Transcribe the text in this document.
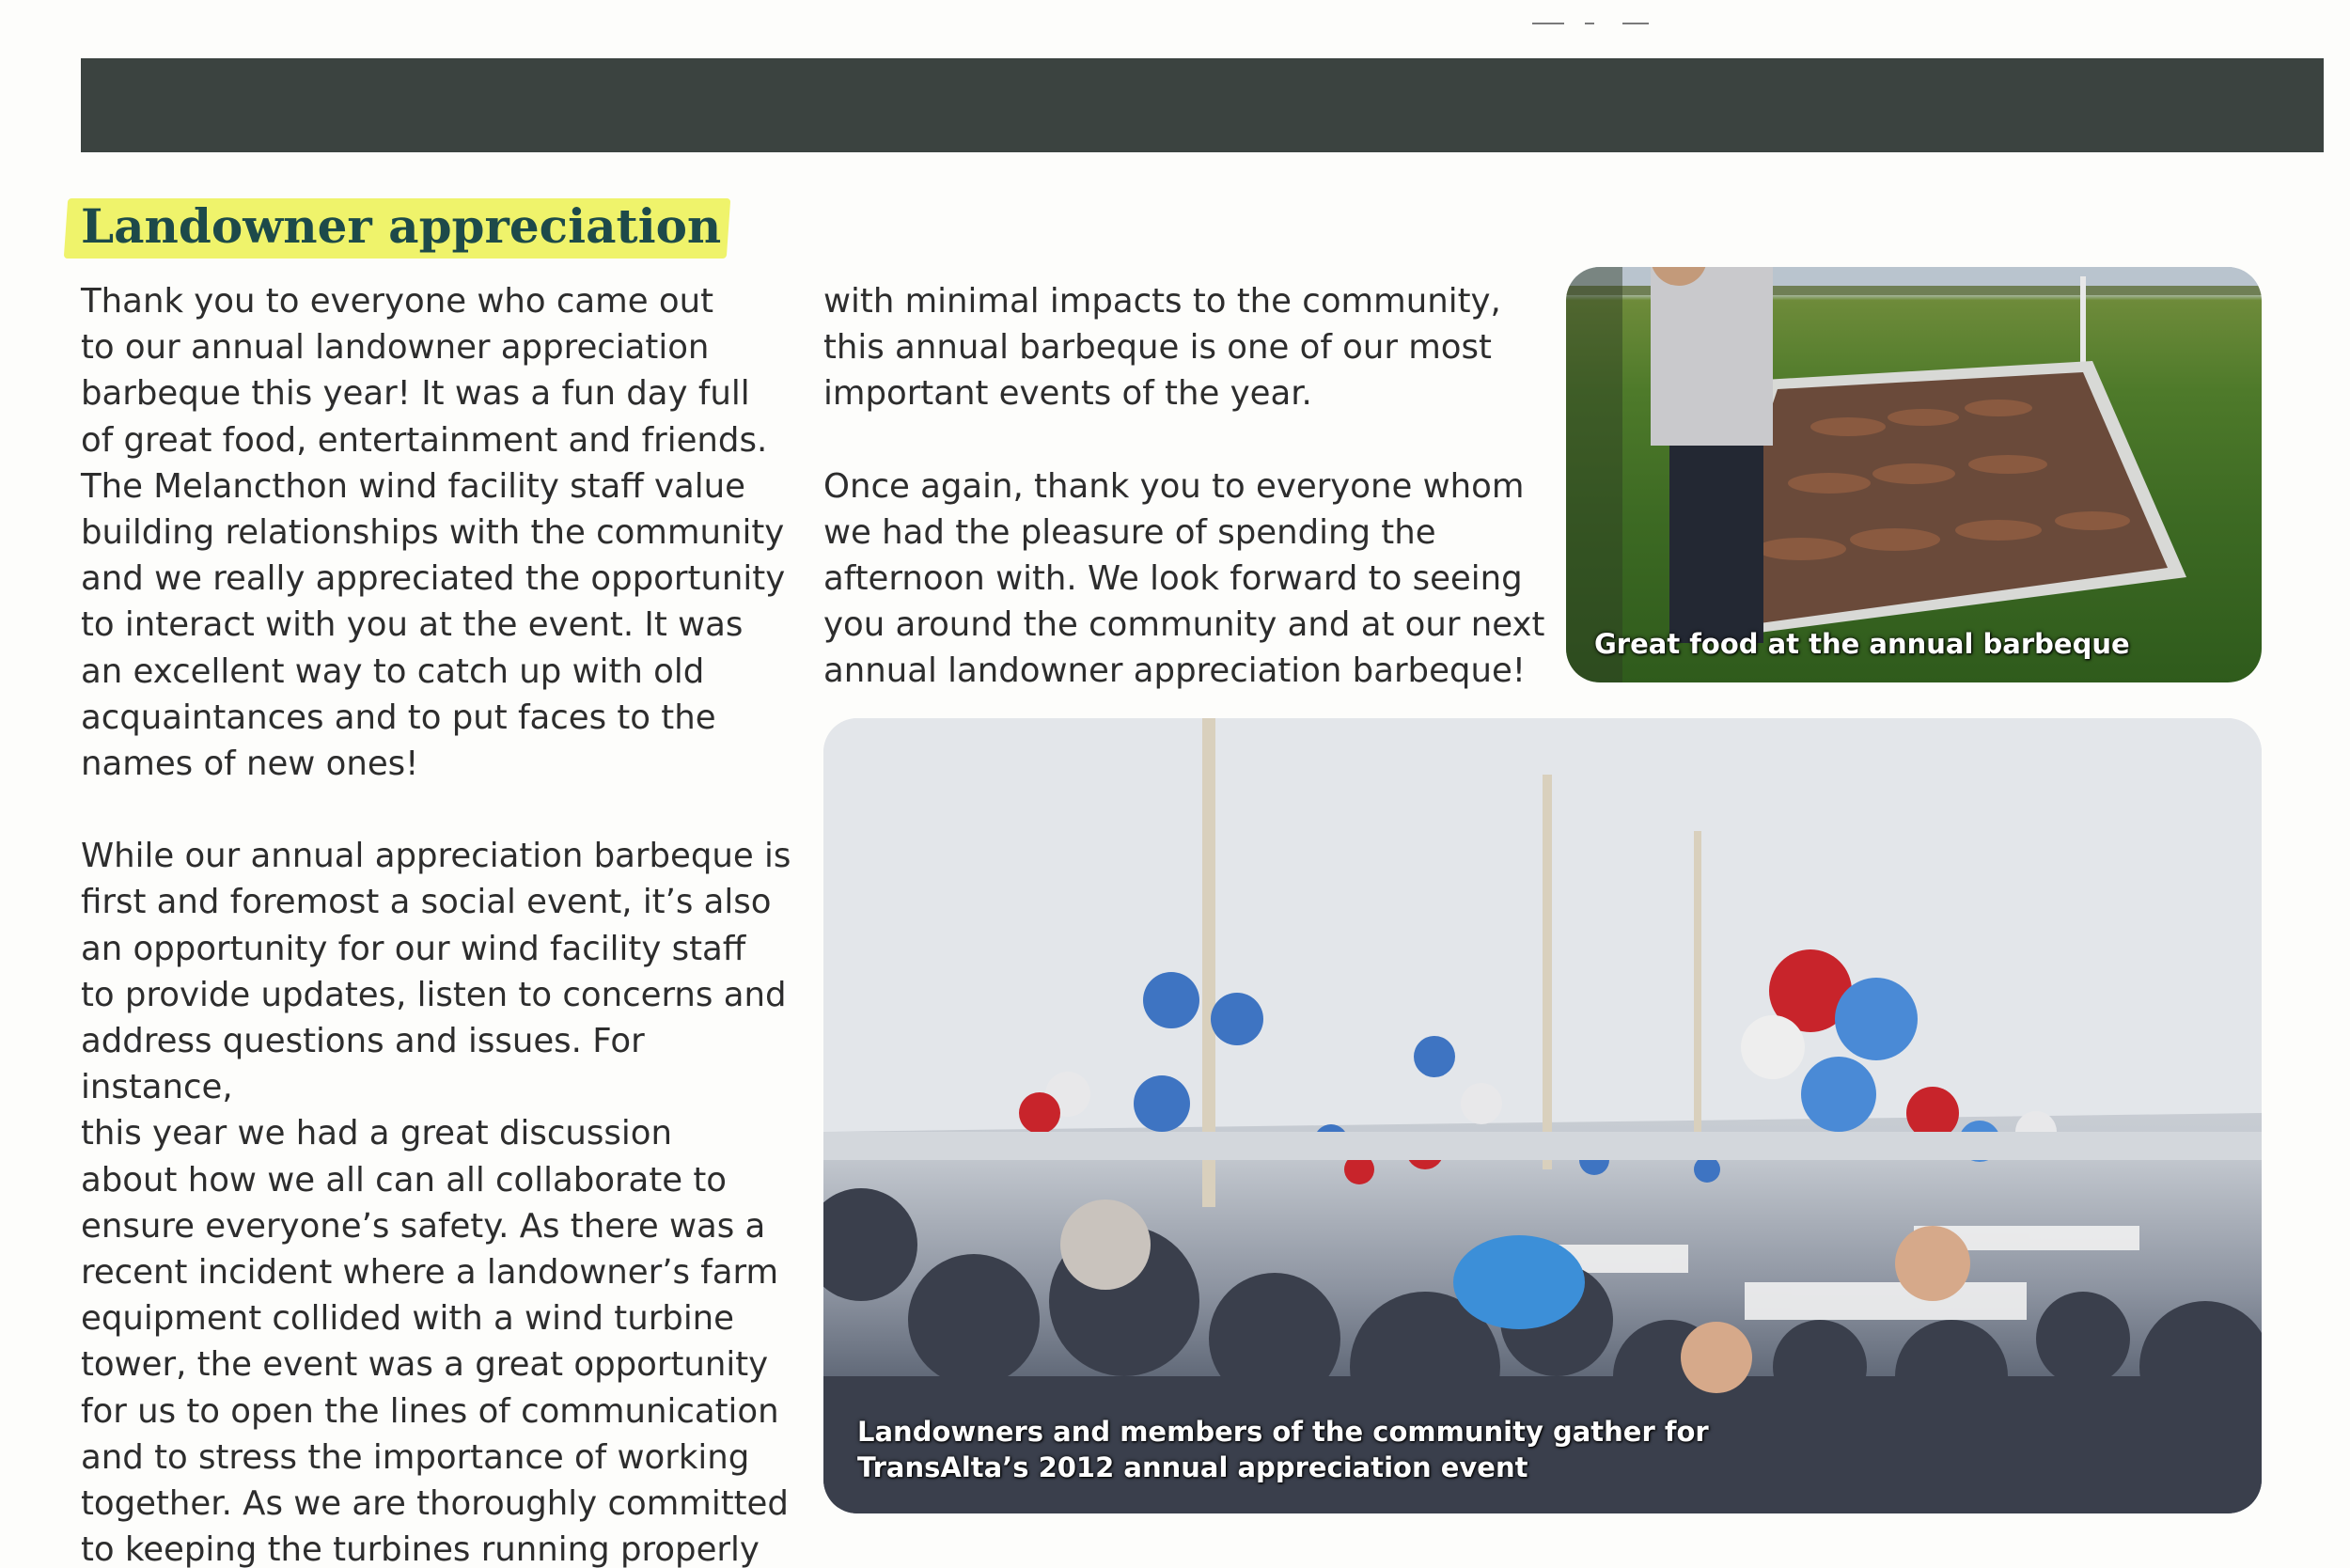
Landowner appreciation

Thank you to everyone who came out
to our annual landowner appreciation
barbeque this year! It was a fun day full
of great food, entertainment and friends.
The Melancthon wind facility staff value
building relationships with the community
and we really appreciated the opportunity
to interact with you at the event. It was
an excellent way to catch up with old
acquaintances and to put faces to the
names of new ones!

While our annual appreciation barbeque is
first and foremost a social event, it’s also
an opportunity for our wind facility staff
to provide updates, listen to concerns and
address questions and issues. For instance,
this year we had a great discussion
about how we all can all collaborate to
ensure everyone’s safety. As there was a
recent incident where a landowner’s farm
equipment collided with a wind turbine
tower, the event was a great opportunity
for us to open the lines of communication
and to stress the importance of working
together. As we are thoroughly committed
to keeping the turbines running properly

with minimal impacts to the community,
this annual barbeque is one of our most
important events of the year.

Once again, thank you to everyone whom
we had the pleasure of spending the
afternoon with. We look forward to seeing
you around the community and at our next
annual landowner appreciation barbeque!

Great food at the annual barbeque
Landowners and members of the community gather for
TransAlta’s 2012 annual appreciation event
